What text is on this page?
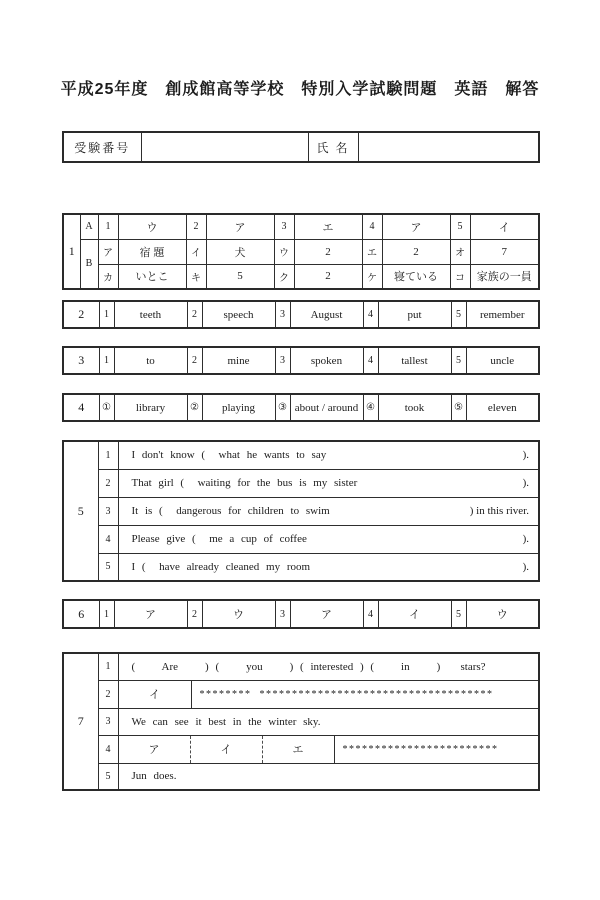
平成25年度　創成館高等学校　特別入学試験問題　英語　解答
受験番号		氏 名	
1	A	1	ウ	2	ア	3	エ	4	ア	5	イ
	B	ア	宿 題	イ	犬	ウ	2	エ	2	オ	7
		カ	いとこ	キ	5	ク	2	ケ	寝ている	コ	家族の一員
2	1	teeth	2	speech	3	August	4	put	5	remember
3	1	to	2	mine	3	spoken	4	tallest	5	uncle
4	①	library	②	playing	③	about / around	④	took	⑤	eleven
5	1	I don't know (  what he wants to say ).

	2	That girl (  waiting for the bus is my sister ).

	3	It is (  dangerous for children to swim ) in this river.

	4	Please give (  me a cup of coffee ).

	5	I (  have already cleaned my room ).
6	1	ア	2	ウ	3	ア	4	イ	5	ウ
7	1	(    Are    ) (    you    ) ( interested ) (    in    )   stars?
	2	イ ********  ************************************

	3	We can see it best in the winter sky.
	4	ア イ エ ************************

	5	Jun does.
